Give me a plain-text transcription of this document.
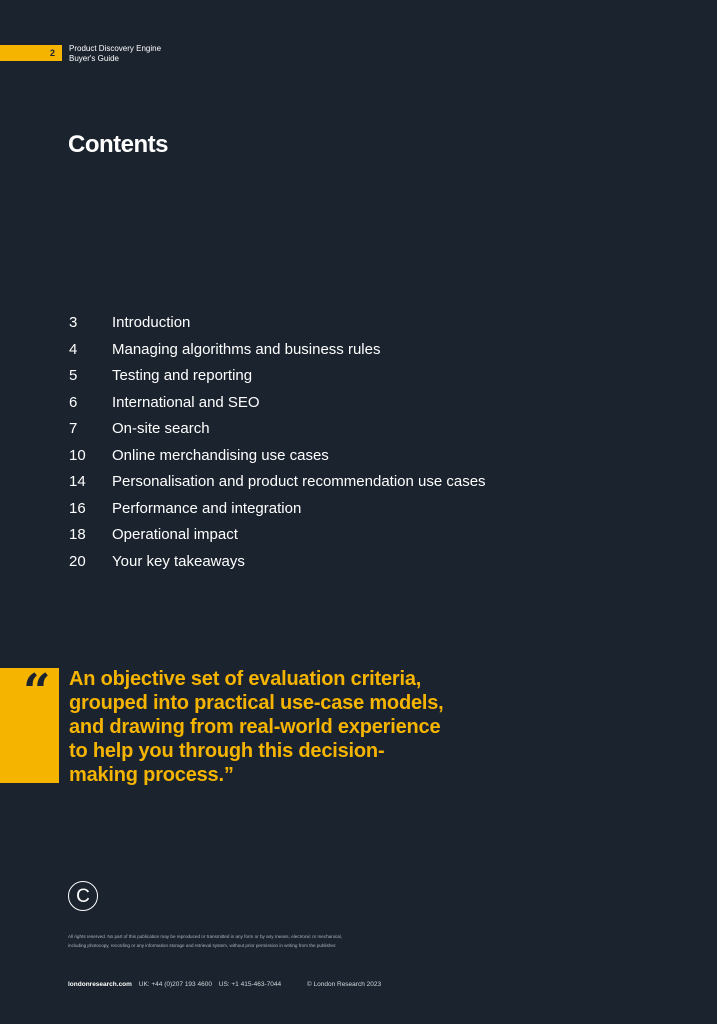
2 Product Discovery Engine
Buyer's Guide
Contents
3	Introduction
4	Managing algorithms and business rules
5	Testing and reporting
6	International and SEO
7	On-site search
10	Online merchandising use cases
14	Personalisation and product recommendation use cases
16	Performance and integration
18	Operational impact
20	Your key takeaways
“ An objective set of evaluation criteria, grouped into practical use-case models, and drawing from real-world experience to help you through this decision-making process.”

C
All rights reserved. No part of this publication may be reproduced or transmitted in any form or by any means, electronic or mechanical,
including photocopy, recording or any information storage and retrieval system, without prior permission in writing from the publisher.
londonresearch.com UK: +44 (0)207 193 4600 US: +1 415-463-7044	© London Research 2023
